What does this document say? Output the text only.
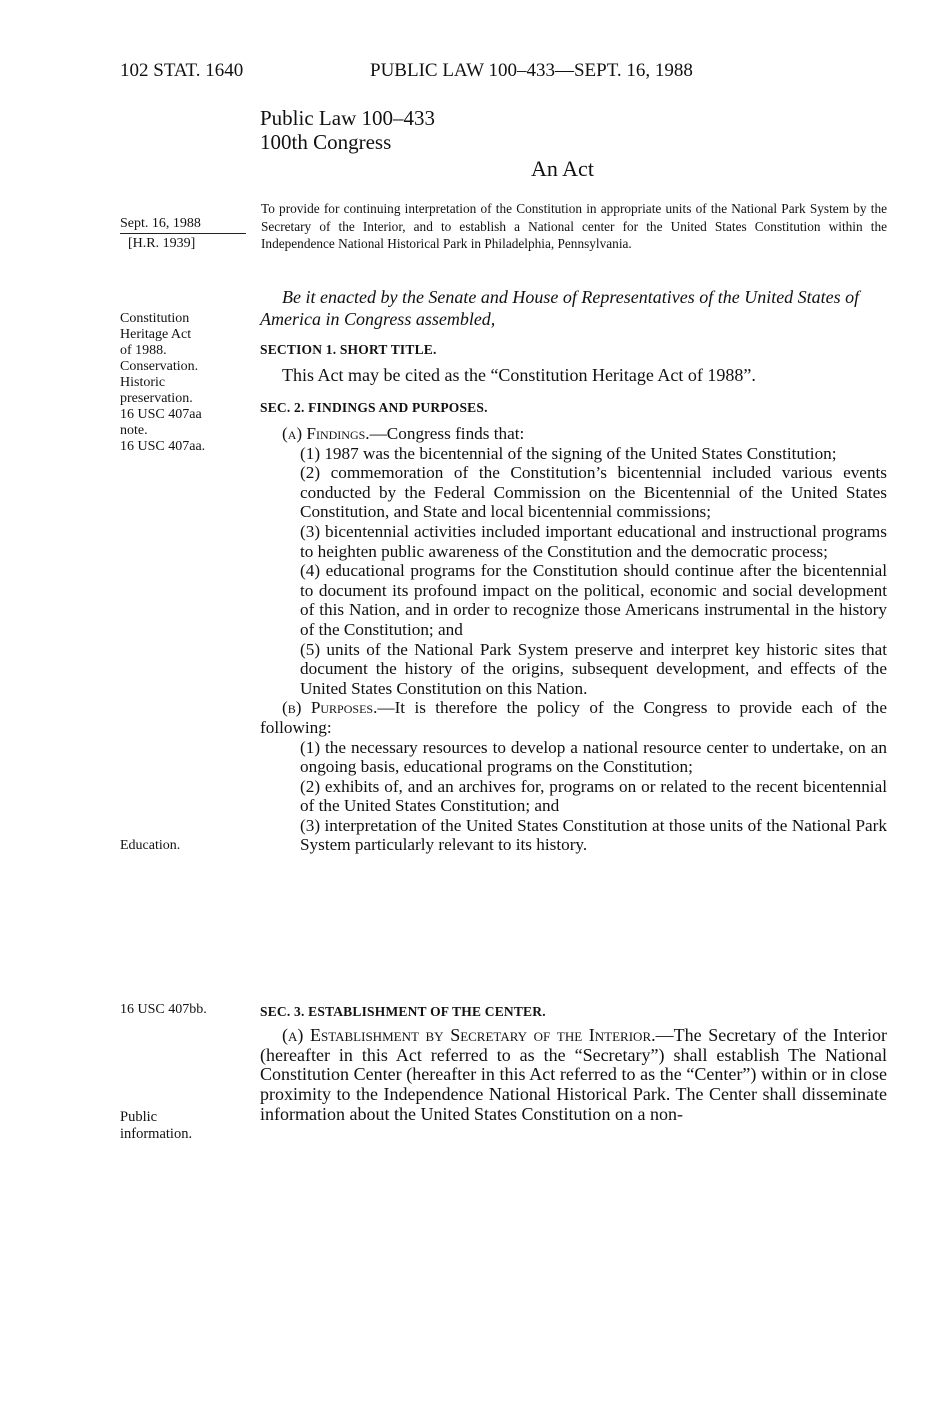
102 STAT. 1640	PUBLIC LAW 100–433—SEPT. 16, 1988
Public Law 100–433
100th Congress
An Act
Sept. 16, 1988
[H.R. 1939]
To provide for continuing interpretation of the Constitution in appropriate units of the National Park System by the Secretary of the Interior, and to establish a National center for the United States Constitution within the Independence National Historical Park in Philadelphia, Pennsylvania.
Constitution
Heritage Act
of 1988.
Conservation.
Historic
preservation.
16 USC 407aa
note.
16 USC 407aa.
Be it enacted by the Senate and House of Representatives of the United States of America in Congress assembled,
SECTION 1. SHORT TITLE.

This Act may be cited as the “Constitution Heritage Act of 1988”.

SEC. 2. FINDINGS AND PURPOSES.

(a) Findings.—Congress finds that:

(1) 1987 was the bicentennial of the signing of the United States Constitution;

(2) commemoration of the Constitution’s bicentennial included various events conducted by the Federal Commission on the Bicentennial of the United States Constitution, and State and local bicentennial commissions;

(3) bicentennial activities included important educational and instructional programs to heighten public awareness of the Constitution and the democratic process;

(4) educational programs for the Constitution should continue after the bicentennial to document its profound impact on the political, economic and social development of this Nation, and in order to recognize those Americans instrumental in the history of the Constitution; and

(5) units of the National Park System preserve and interpret key historic sites that document the history of the origins, subsequent development, and effects of the United States Constitution on this Nation.

(b) Purposes.—It is therefore the policy of the Congress to provide each of the following:

(1) the necessary resources to develop a national resource center to undertake, on an ongoing basis, educational programs on the Constitution;

(2) exhibits of, and an archives for, programs on or related to the recent bicentennial of the United States Constitution; and

(3) interpretation of the United States Constitution at those units of the National Park System particularly relevant to its history.

Education.
16 USC 407bb.	SEC. 3. ESTABLISHMENT OF THE CENTER.

(a) Establishment by Secretary of the Interior.—The Secretary of the Interior (hereafter in this Act referred to as the “Secretary”) shall establish The National Constitution Center (hereafter in this Act referred to as the “Center”) within or in close proximity to the Independence National Historical Park. The Center shall disseminate information about the United States Constitution on a non-

Public
information.
